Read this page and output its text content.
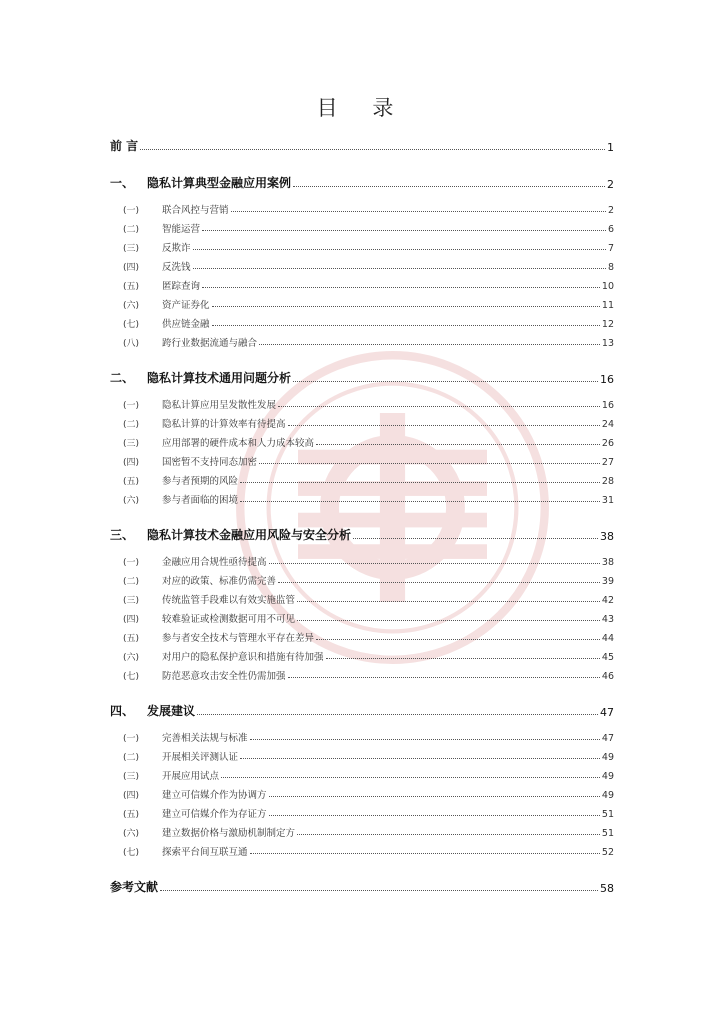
目 录
前 言	1
一、	隐私计算典型金融应用案例	2
(一)	联合风控与营销	2
(二)	智能运营	6
(三)	反欺诈	7
(四)	反洗钱	8
(五)	匿踪查询	10
(六)	资产证券化	11
(七)	供应链金融	12
(八)	跨行业数据流通与融合	13
二、	隐私计算技术通用问题分析	16
(一)	隐私计算应用呈发散性发展	16
(二)	隐私计算的计算效率有待提高	24
(三)	应用部署的硬件成本和人力成本较高	26
(四)	国密暂不支持同态加密	27
(五)	参与者预期的风险	28
(六)	参与者面临的困境	31
三、	隐私计算技术金融应用风险与安全分析	38
(一)	金融应用合规性亟待提高	38
(二)	对应的政策、标准仍需完善	39
(三)	传统监管手段难以有效实施监管	42
(四)	较难验证或检测数据可用不可见	43
(五)	参与者安全技术与管理水平存在差异	44
(六)	对用户的隐私保护意识和措施有待加强	45
(七)	防范恶意攻击安全性仍需加强	46
四、	发展建议	47
(一)	完善相关法规与标准	47
(二)	开展相关评测认证	49
(三)	开展应用试点	49
(四)	建立可信媒介作为协调方	49
(五)	建立可信媒介作为存证方	51
(六)	建立数据价格与激励机制制定方	51
(七)	探索平台间互联互通	52
参考文献	58
